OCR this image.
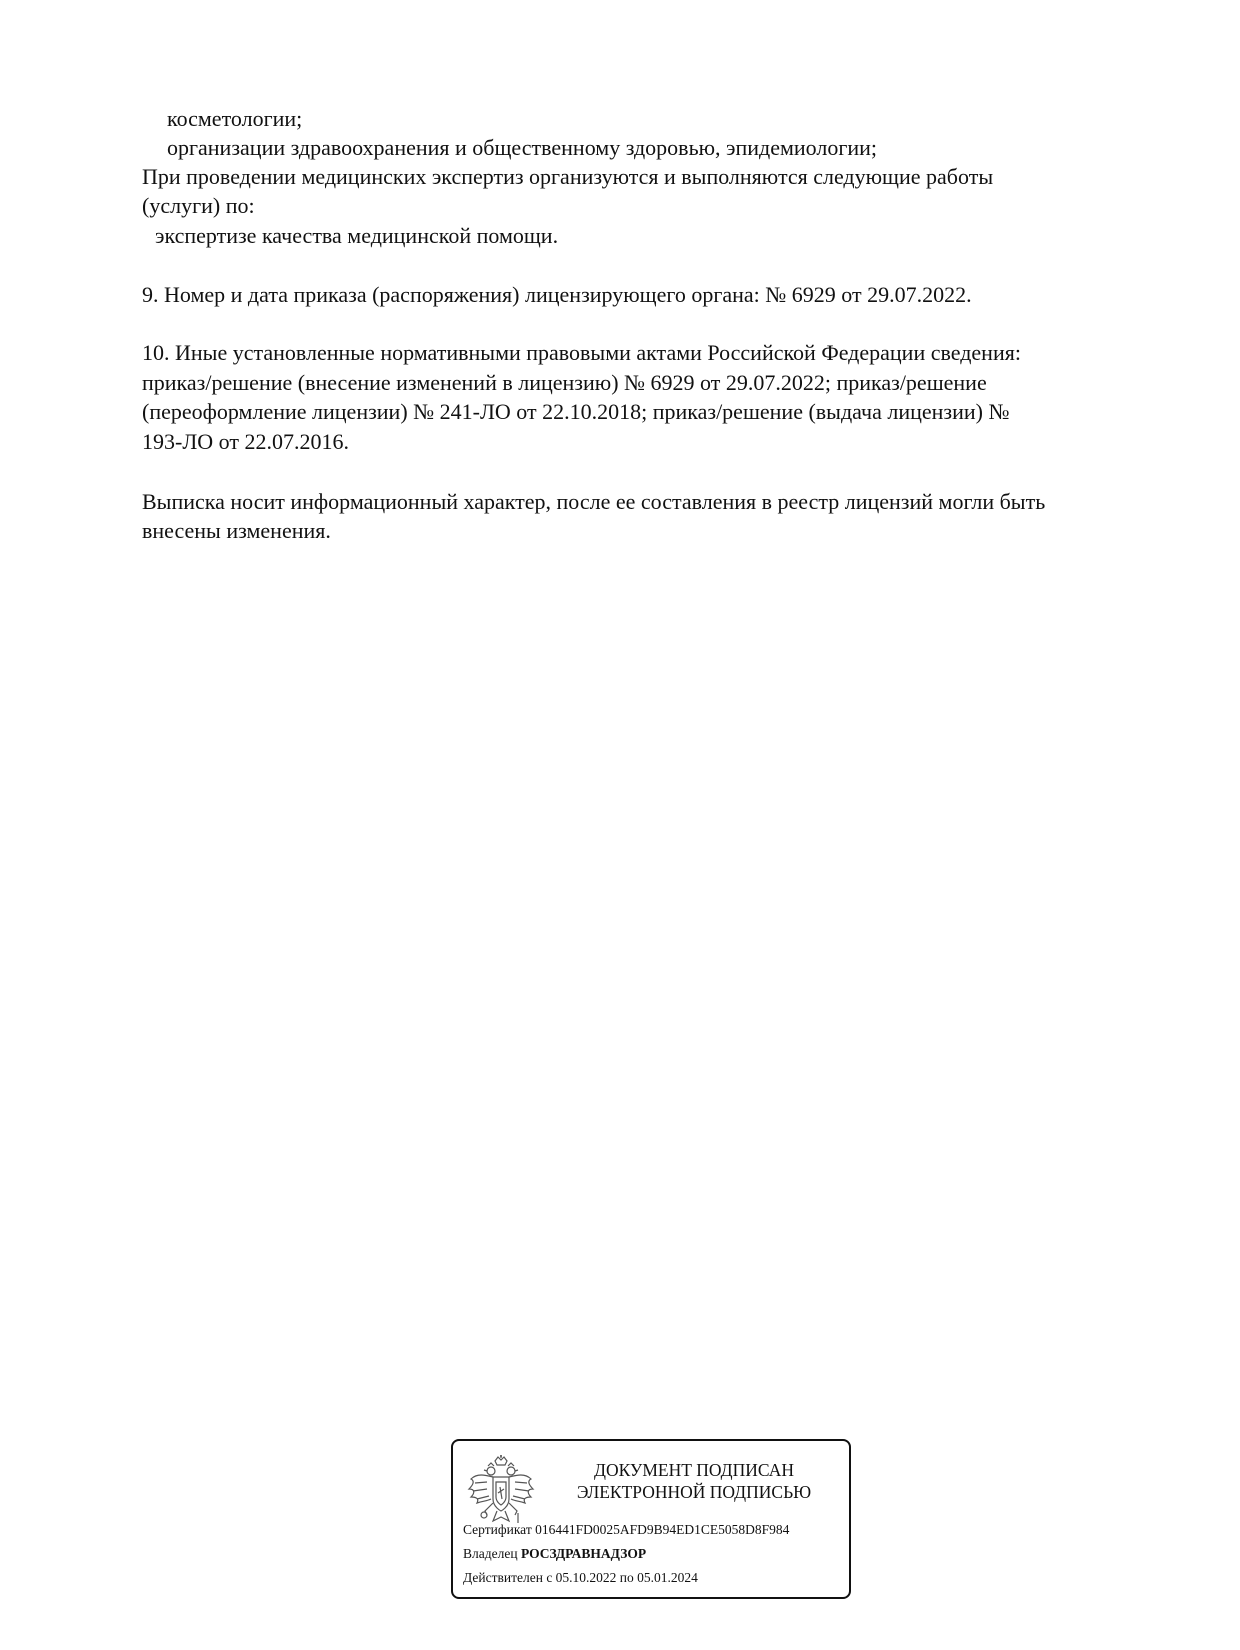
косметологии;

организации здравоохранения и общественному здоровью, эпидемиологии;

При проведении медицинских экспертиз организуются и выполняются следующие работы

(услуги) по:

экспертизе качества медицинской помощи.

9. Номер и дата приказа (распоряжения) лицензирующего органа: № 6929 от 29.07.2022.

10. Иные установленные нормативными правовыми актами Российской Федерации сведения:

приказ/решение (внесение изменений в лицензию) № 6929 от 29.07.2022; приказ/решение

(переоформление лицензии) № 241-ЛО от 22.10.2018; приказ/решение (выдача лицензии) №

193-ЛО от 22.07.2016.

Выписка носит информационный характер, после ее составления в реестр лицензий могли быть

внесены изменения.

ДОКУМЕНТ ПОДПИСАН
ЭЛЕКТРОННОЙ ПОДПИСЬЮ
Сертификат 016441FD0025AFD9B94ED1CE5058D8F984
Владелец РОСЗДРАВНАДЗОР
Действителен с 05.10.2022 по 05.01.2024
